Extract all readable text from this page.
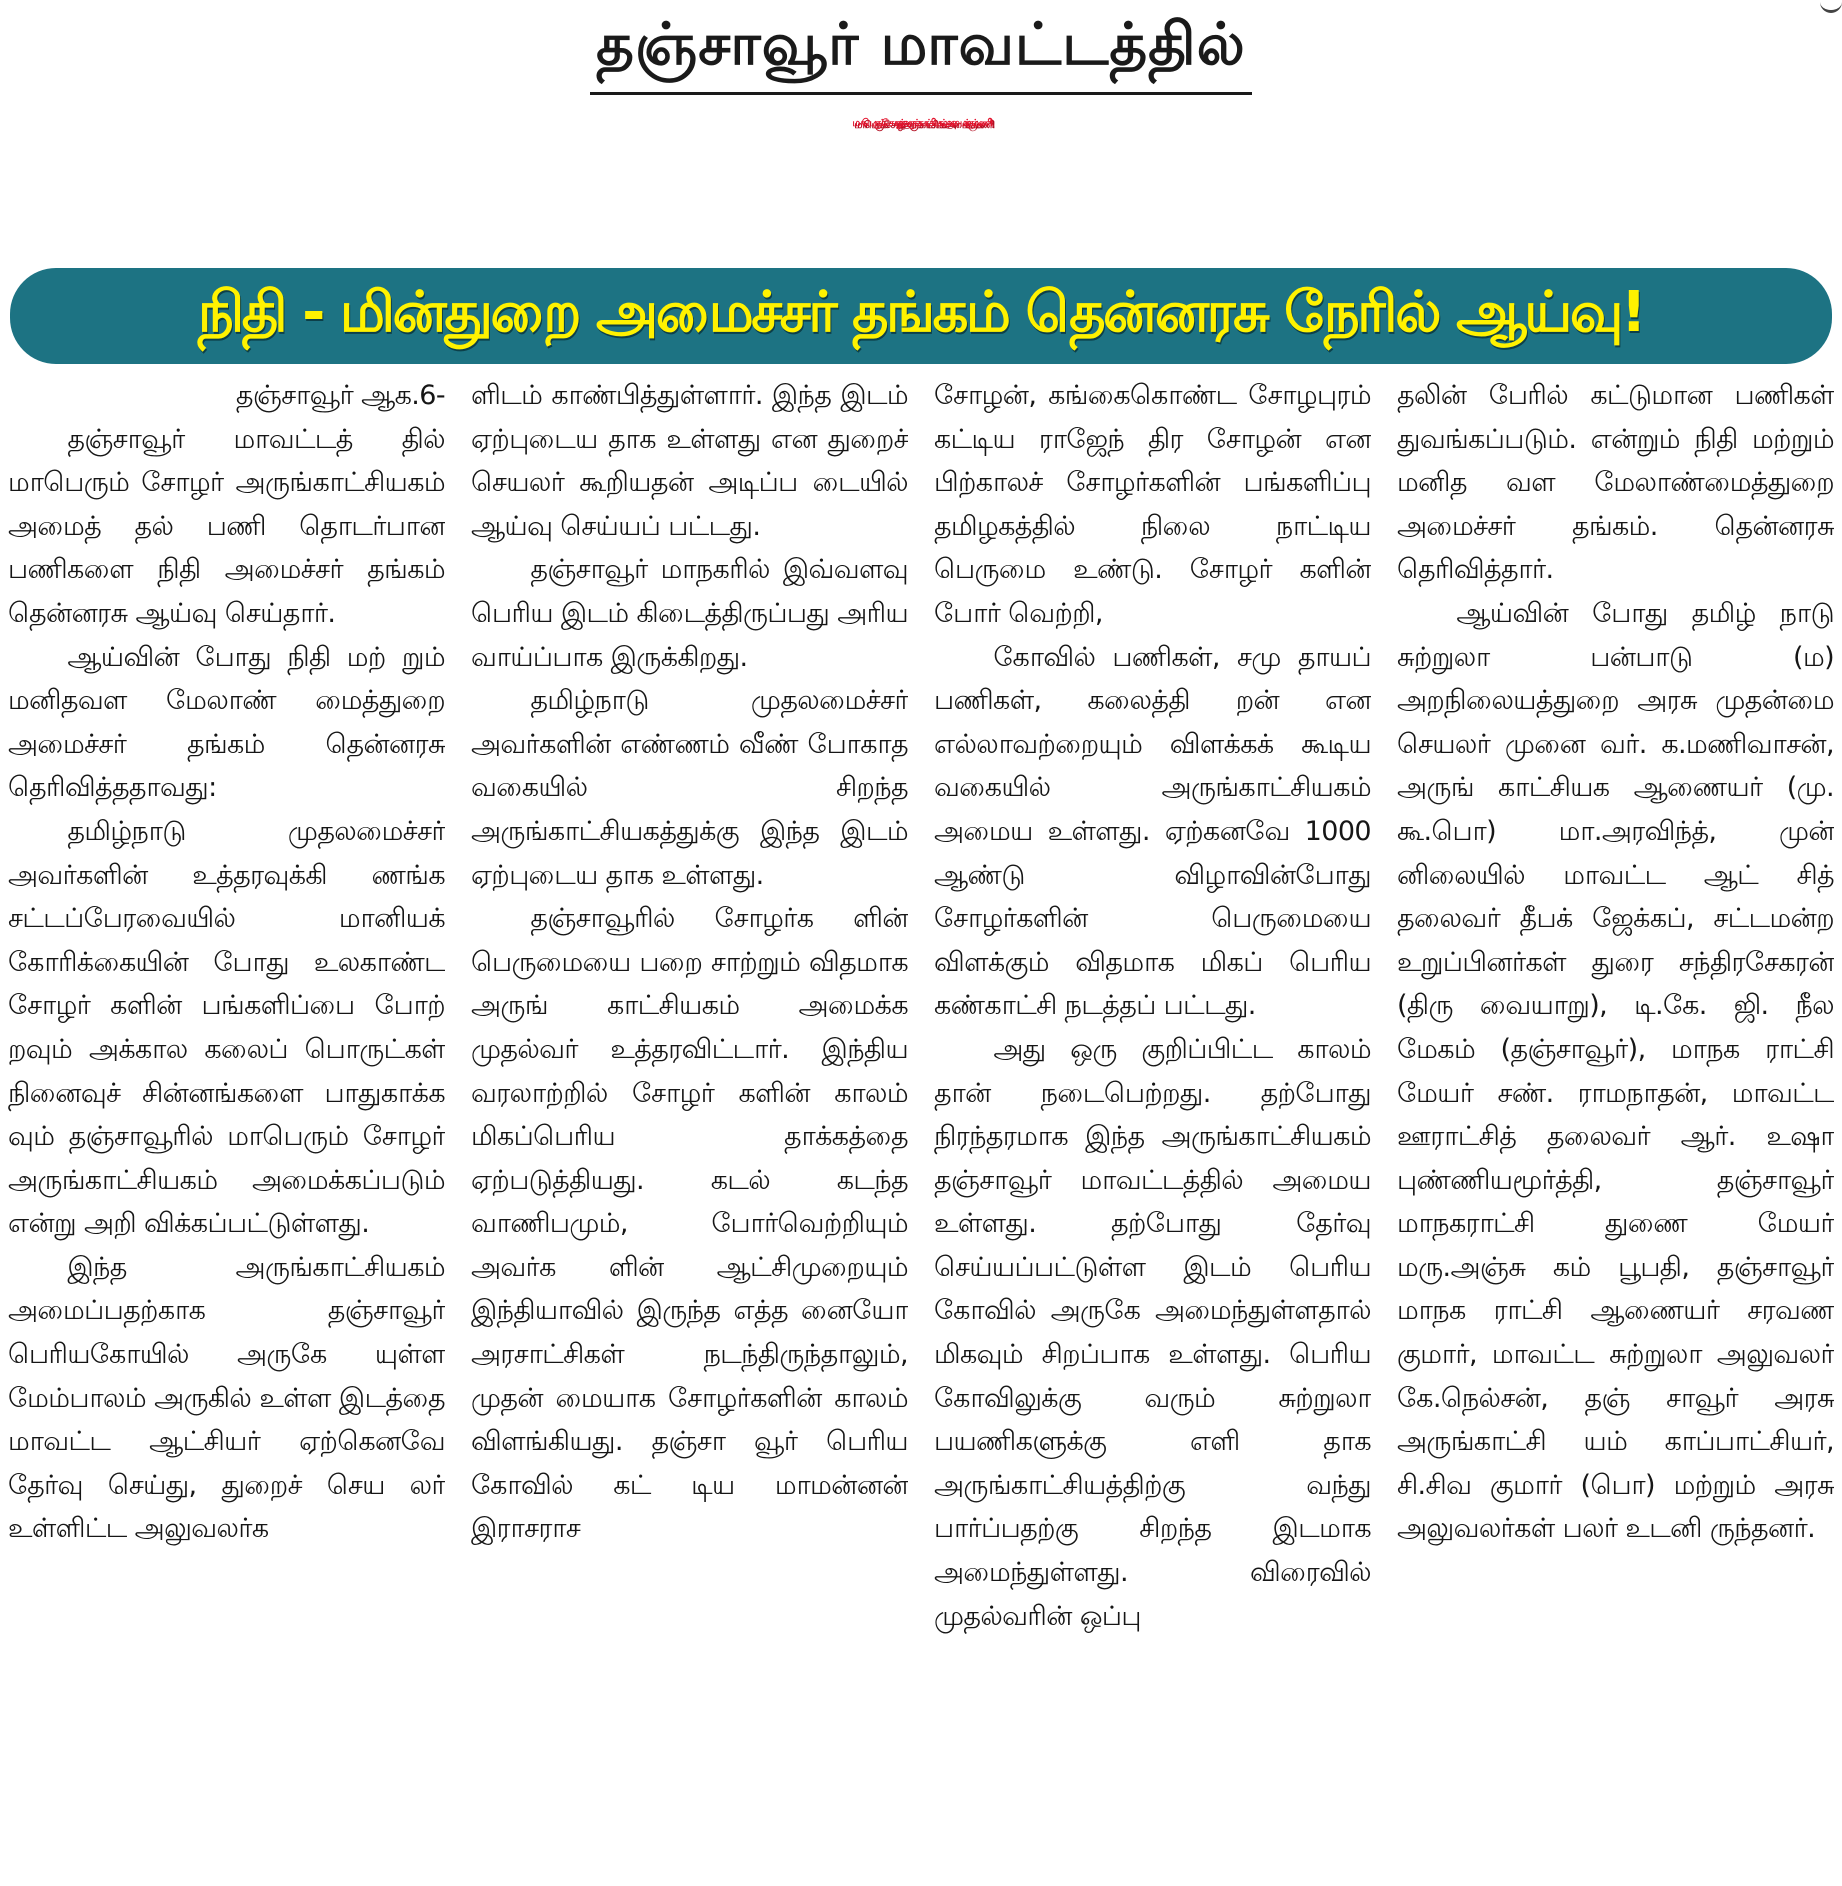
தஞ்சாவூர் மாவட்டத்தில்
மாபெரும் சோழர் அருங்காட்சியகம் அமைக்கும் பணி!
நிதி - மின்துறை அமைச்சர் தங்கம் தென்னரசு நேரில் ஆய்வு!

தஞ்சாவூர் ஆக.6-

தஞ்சாவூர் மாவட்டத் தில் மாபெரும் சோழர் அருங்காட்சியகம் அமைத் தல் பணி தொடர்பான பணிகளை நிதி அமைச்சர் தங்கம் தென்னரசு ஆய்வு செய்தார்.

ஆய்வின் போது நிதி மற் றும் மனிதவள மேலாண் மைத்துறை அமைச்சர் தங்கம் தென்னரசு தெரிவித்ததாவது:

தமிழ்நாடு முதலமைச்சர் அவர்களின் உத்தரவுக்கி ணங்க சட்டப்பேரவையில் மானியக் கோரிக்கையின் போது உலகாண்ட சோழர் களின் பங்களிப்பை போற் றவும் அக்கால கலைப் பொருட்கள் நினைவுச் சின்னங்களை பாதுகாக்க வும் தஞ்சாவூரில் மாபெரும் சோழர் அருங்காட்சியகம் அமைக்கப்படும் என்று அறி விக்கப்பட்டுள்ளது.

இந்த அருங்காட்சியகம் அமைப்பதற்காக தஞ்சாவூர் பெரியகோயில் அருகே யுள்ள மேம்பாலம் அருகில் உள்ள இடத்தை மாவட்ட ஆட்சியர் ஏற்கெனவே தேர்வு செய்து, துறைச் செய லர் உள்ளிட்ட அலுவலர்க

ளிடம் காண்பித்துள்ளார். இந்த இடம் ஏற்புடைய தாக உள்ளது என துறைச் செயலர் கூறியதன் அடிப்ப டையில் ஆய்வு செய்யப் பட்டது.

தஞ்சாவூர் மாநகரில் இவ்வளவு பெரிய இடம் கிடைத்திருப்பது அரிய வாய்ப்பாக இருக்கிறது.

தமிழ்நாடு முதலமைச்சர் அவர்களின் எண்ணம் வீண் போகாத வகையில் சிறந்த அருங்காட்சியகத்துக்கு இந்த இடம் ஏற்புடைய தாக உள்ளது.

தஞ்சாவூரில் சோழர்க ளின் பெருமையை பறை சாற்றும் விதமாக அருங் காட்சியகம் அமைக்க முதல்வர் உத்தரவிட்டார். இந்திய வரலாற்றில் சோழர் களின் காலம் மிகப்பெரிய தாக்கத்தை ஏற்படுத்தியது. கடல் கடந்த வாணிபமும், போர்வெற்றியும் அவர்க ளின் ஆட்சிமுறையும் இந்தியாவில் இருந்த எத்த னையோ அரசாட்சிகள் நடந்திருந்தாலும், முதன் மையாக சோழர்களின் காலம் விளங்கியது. தஞ்சா வூர் பெரிய கோவில் கட் டிய மாமன்னன் இராசராச

சோழன், கங்கைகொண்ட சோழபுரம் கட்டிய ராஜேந் திர சோழன் என பிற்காலச் சோழர்களின் பங்களிப்பு தமிழகத்தில் நிலை நாட்டிய பெருமை உண்டு. சோழர் களின் போர் வெற்றி,

கோவில் பணிகள், சமு தாயப் பணிகள், கலைத்தி றன் என எல்லாவற்றையும் விளக்கக் கூடிய வகையில் அருங்காட்சியகம் அமைய உள்ளது. ஏற்கனவே 1000 ஆண்டு விழாவின்போது சோழர்களின் பெருமையை விளக்கும் விதமாக மிகப் பெரிய கண்காட்சி நடத்தப் பட்டது.

அது ஒரு குறிப்பிட்ட காலம் தான் நடைபெற்றது. தற்போது நிரந்தரமாக இந்த அருங்காட்சியகம் தஞ்சாவூர் மாவட்டத்தில் அமைய உள்ளது. தற்போது தேர்வு செய்யப்பட்டுள்ள இடம் பெரிய கோவில் அருகே அமைந்துள்ளதால் மிகவும் சிறப்பாக உள்ளது. பெரிய கோவிலுக்கு வரும் சுற்றுலா பயணிகளுக்கு எளி தாக அருங்காட்சியத்திற்கு வந்து பார்ப்பதற்கு சிறந்த இடமாக அமைந்துள்ளது. விரைவில் முதல்வரின் ஒப்பு

தலின் பேரில் கட்டுமான பணிகள் துவங்கப்படும். என்றும் நிதி மற்றும் மனித வள மேலாண்மைத்துறை அமைச்சர் தங்கம். தென்னரசு தெரிவித்தார்.

ஆய்வின் போது தமிழ் நாடு சுற்றுலா பன்பாடு (ம) அறநிலையத்துறை அரசு முதன்மை செயலர் முனை வர். க.மணிவாசன், அருங் காட்சியக ஆணையர் (மு. கூ.பொ) மா.அரவிந்த், முன் னிலையில் மாவட்ட ஆட் சித் தலைவர் தீபக் ஜேக்கப், சட்டமன்ற உறுப்பினர்கள் துரை சந்திரசேகரன் (திரு வையாறு), டி.கே. ஜி. நீல மேகம் (தஞ்சாவூர்), மாநக ராட்சி மேயர் சண். ராமநாதன், மாவட்ட ஊராட்சித் தலைவர் ஆர். உஷா புண்ணியமூர்த்தி, தஞ்சாவூர் மாநகராட்சி துணை மேயர் மரு.அஞ்சு கம் பூபதி, தஞ்சாவூர் மாநக ராட்சி ஆணையர் சரவண குமார், மாவட்ட சுற்றுலா அலுவலர் கே.நெல்சன், தஞ் சாவூர் அரசு அருங்காட்சி யம் காப்பாட்சியர், சி.சிவ குமார் (பொ) மற்றும் அரசு அலுவலர்கள் பலர் உடனி ருந்தனர்.
